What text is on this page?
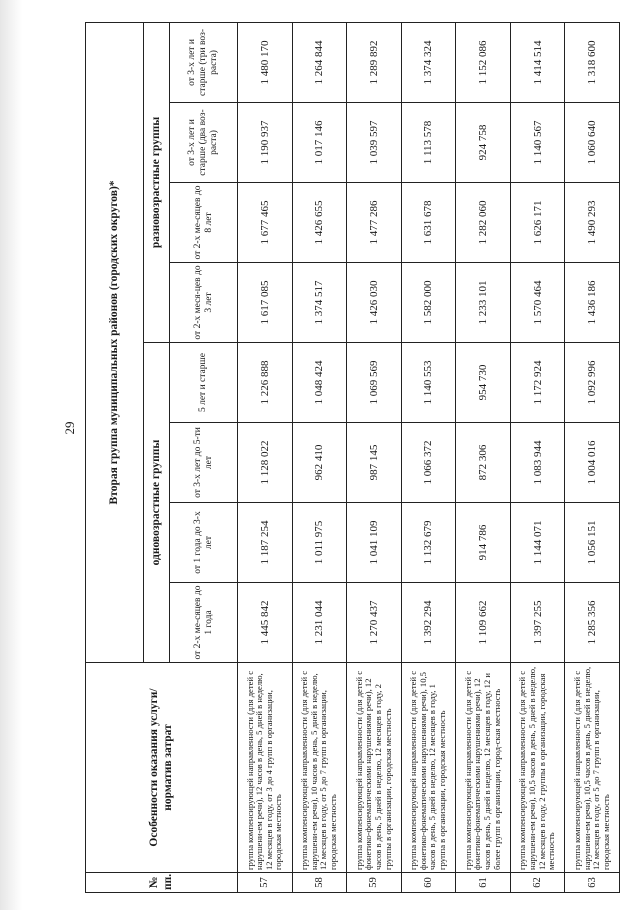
29
№ пп.	Особенности оказания услуги/норматив затрат	Вторая группа муниципальных районов (городских округов)*							
		одновозрастные группы				разновозрастные группы			
		от 2-х ме-сяцев до 1 года	от 1 года до 3-х лет	от 3-х лет до 5-ти лет	5 лет и старше	от 2-х меся-цев до 3 лет	от 2-х ме-сяцев до 8 лет	от 3-х лет и старше (два воз-раста)	от 3-х лет и старше (три воз-раста)
57	группа компенсирующей направленности (для детей с нарушени-ем речи), 12 часов в день, 5 дней в неделю, 12 месяцев в году, от 3 до 4 групп в организации, городская местность	1 445 842	1 187 254	1 128 022	1 226 888	1 617 085	1 677 465	1 190 937	1 480 170
58	группа компенсирующей направленности (для детей с нарушени-ем речи), 10 часов в день, 5 дней в неделю, 12 месяцев в году, от 5 до 7 групп в организации, городская местность	1 231 044	1 011 975	962 410	1 048 424	1 374 517	1 426 655	1 017 146	1 264 844
59	группа компенсирующей направленности (для детей с фонетико-фонематическими нарушениями речи), 12 часов в день, 5 дней в неделю, 12 месяцев в году, 2 группы в организации, городская местность	1 270 437	1 041 109	987 145	1 069 569	1 426 030	1 477 286	1 039 597	1 289 892
60	группа компенсирующей направленности (для детей с фонетико-фонематическими нарушениями речи), 10,5 часов в день, 5 дней в неделю, 12 месяцев в году, 1 группа в организации, городская местность	1 392 294	1 132 679	1 066 372	1 140 553	1 582 000	1 631 678	1 113 578	1 374 324
61	группа компенсирующей направленности (для детей с фонетико-фонематическими нарушениями речи), 12 часов в день, 5 дней в неделю, 12 месяцев в году, 12 и более групп в организации, город-ская местность	1 109 662	914 786	872 306	954 730	1 233 101	1 282 060	924 758	1 152 086
62	группа компенсирующей направленности (для детей с нарушени-ем речи), 10,5 часов в день, 5 дней в неделю, 12 месяцев в году, 2 группы в организации, городская местность	1 397 255	1 144 071	1 083 944	1 172 924	1 570 464	1 626 171	1 140 567	1 414 514
63	группа компенсирующей направленности (для детей с нарушени-ем речи), 10,5 часов в день, 5 дней в неделю, 12 месяцев в году, от 5 до 7 групп в организации, городская местность	1 285 356	1 056 151	1 004 016	1 092 996	1 436 186	1 490 293	1 060 640	1 318 600
